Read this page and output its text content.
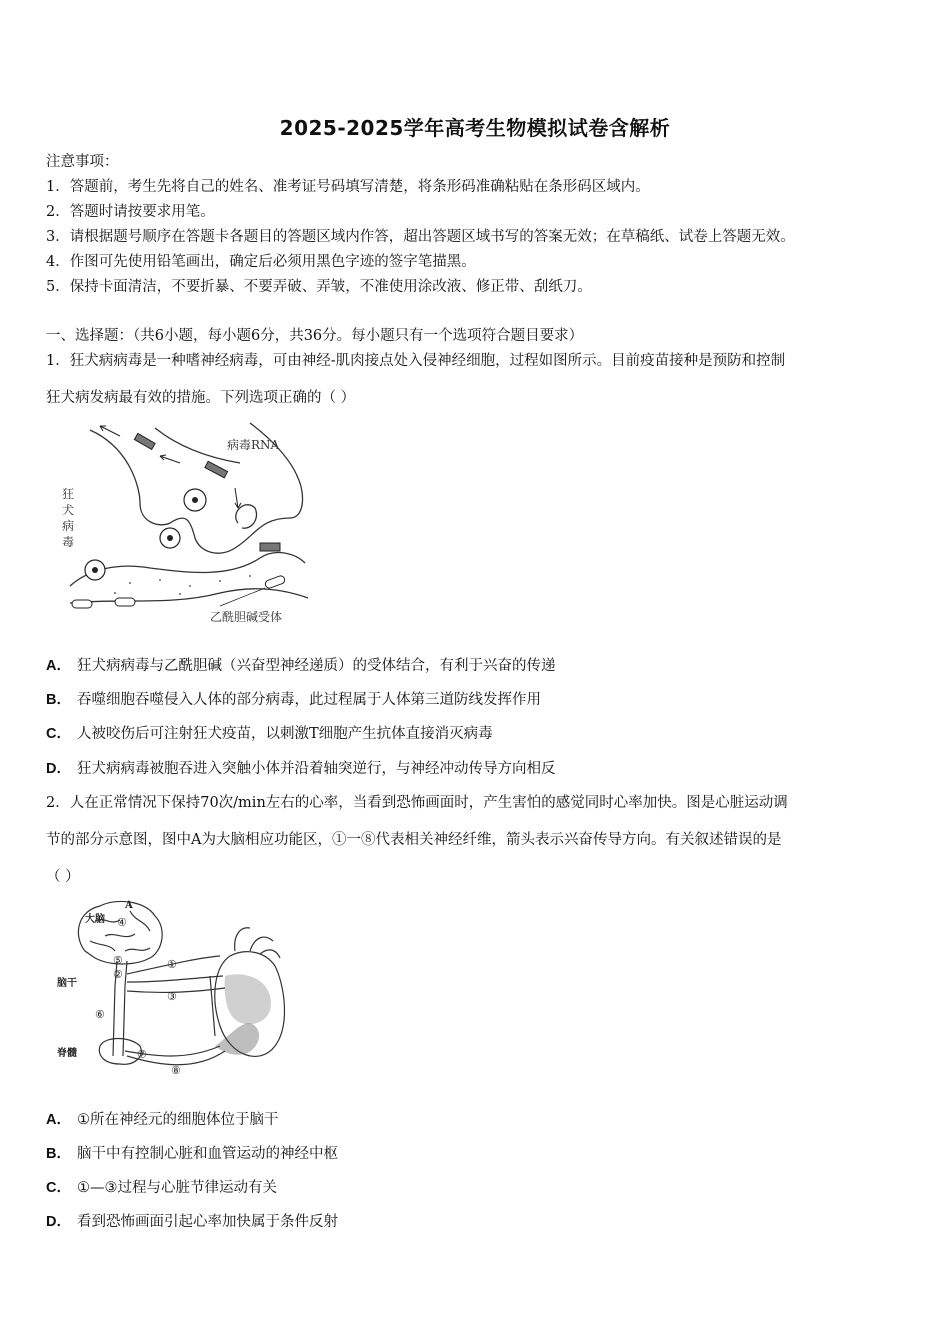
2025-2025学年高考生物模拟试卷含解析
注意事项：
1．答题前，考生先将自己的姓名、准考证号码填写清楚，将条形码准确粘贴在条形码区域内。
2．答题时请按要求用笔。
3．请根据题号顺序在答题卡各题目的答题区域内作答，超出答题区域书写的答案无效；在草稿纸、试卷上答题无效。
4．作图可先使用铅笔画出，确定后必须用黑色字迹的签字笔描黑。
5．保持卡面清洁，不要折暴、不要弄破、弄皱，不准使用涂改液、修正带、刮纸刀。
一、选择题：（共6小题，每小题6分，共36分。每小题只有一个选项符合题目要求）
1．狂犬病病毒是一种嗜神经病毒，可由神经-肌肉接点处入侵神经细胞，过程如图所示。目前疫苗接种是预防和控制
狂犬病发病最有效的措施。下列选项正确的（ ）
病毒RNA
乙酰胆碱受体
狂
犬
病
毒
A． 狂犬病病毒与乙酰胆碱（兴奋型神经递质）的受体结合，有利于兴奋的传递
B． 吞噬细胞吞噬侵入人体的部分病毒，此过程属于人体第三道防线发挥作用
C． 人被咬伤后可注射狂犬疫苗，以刺激T细胞产生抗体直接消灭病毒
D． 狂犬病病毒被胞吞进入突触小体并沿着轴突逆行，与神经冲动传导方向相反
2．人在正常情况下保持70次/min左右的心率，当看到恐怖画面时，产生害怕的感觉同时心率加快。图是心脏运动调
节的部分示意图，图中A为大脑相应功能区，①一⑧代表相关神经纤维，箭头表示兴奋传导方向。有关叙述错误的是
（ ）
大脑
A
脑干
脊髓
①
②
③
④
⑤
⑥
⑦
⑧
A． ①所在神经元的细胞体位于脑干
B． 脑干中有控制心脏和血管运动的神经中枢
C． ①—③过程与心脏节律运动有关
D． 看到恐怖画面引起心率加快属于条件反射
